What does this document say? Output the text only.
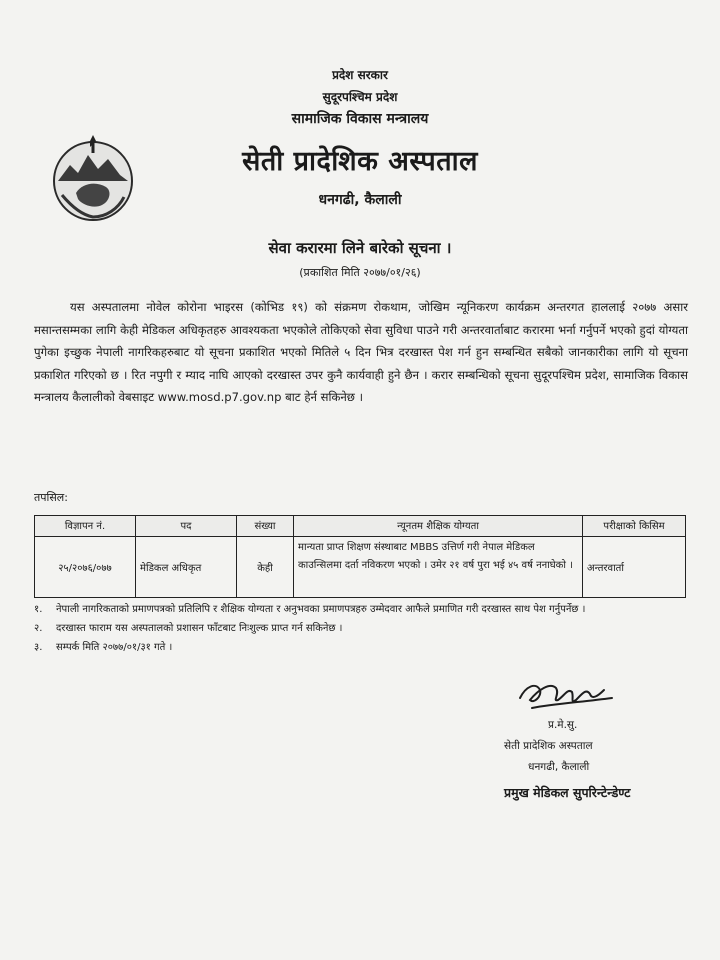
प्रदेश सरकार
सुदूरपश्चिम प्रदेश
सामाजिक विकास मन्त्रालय
सेती प्रादेशिक अस्पताल
धनगढी, कैलाली
सेवा करारमा लिने बारेको सूचना ।
(प्रकाशित मिति २०७७/०१/२६)
यस अस्पतालमा नोवेल कोरोना भाइरस (कोभिड १९) को संक्रमण रोकथाम, जोखिम न्यूनिकरण कार्यक्रम अन्तरगत हाललाई २०७७ असार मसान्तसम्मका लागि केही मेडिकल अधिकृतहरु आवश्यकता भएकोले तोकिएको सेवा सुविधा पाउने गरी अन्तरवार्ताबाट करारमा भर्ना गर्नुपर्ने भएको हुदां योग्यता पुगेका इच्छुक नेपाली नागरिकहरुबाट यो सूचना प्रकाशित भएको मितिले ५ दिन भित्र दरखास्त पेश गर्न हुन सम्बन्धित सबैको जानकारीका लागि यो सूचना प्रकाशित गरिएको छ । रित नपुगी र म्याद नाघि आएको दरखास्त उपर कुनै कार्यवाही हुने छैन । करार सम्बन्धिको सूचना सुदूरपश्चिम प्रदेश, सामाजिक विकास मन्त्रालय कैलालीको वेबसाइट www.mosd.p7.gov.np बाट हेर्न सकिनेछ ।
तपसिल:
विज्ञापन नं.	पद	संख्या	न्यूनतम शैक्षिक योग्यता	परीक्षाको किसिम
२५/२०७६/०७७	मेडिकल अधिकृत	केही	मान्यता प्राप्त शिक्षण संस्थाबाट MBBS उत्तिर्ण गरी नेपाल मेडिकल काउन्सिलमा दर्ता नविकरण भएको । उमेर २१ वर्ष पुरा भई ४५ वर्ष ननाघेको ।	अन्तरवार्ता
१.	नेपाली नागरिकताको प्रमाणपत्रको प्रतिलिपि र शैक्षिक योग्यता र अनुभवका प्रमाणपत्रहरु उम्मेदवार आफैले प्रमाणित गरी दरखास्त साथ पेश गर्नुपर्नेछ ।
२.	दरखास्त फाराम यस अस्पतालको प्रशासन फाँटबाट निःशुल्क प्राप्त गर्न सकिनेछ ।
३.	सम्पर्क मिति २०७७/०१/३१ गते ।
प्र.मे.सु.
सेती प्रादेशिक अस्पताल
धनगढी, कैलाली
प्रमुख मेडिकल सुपरिन्टेन्डेण्ट
